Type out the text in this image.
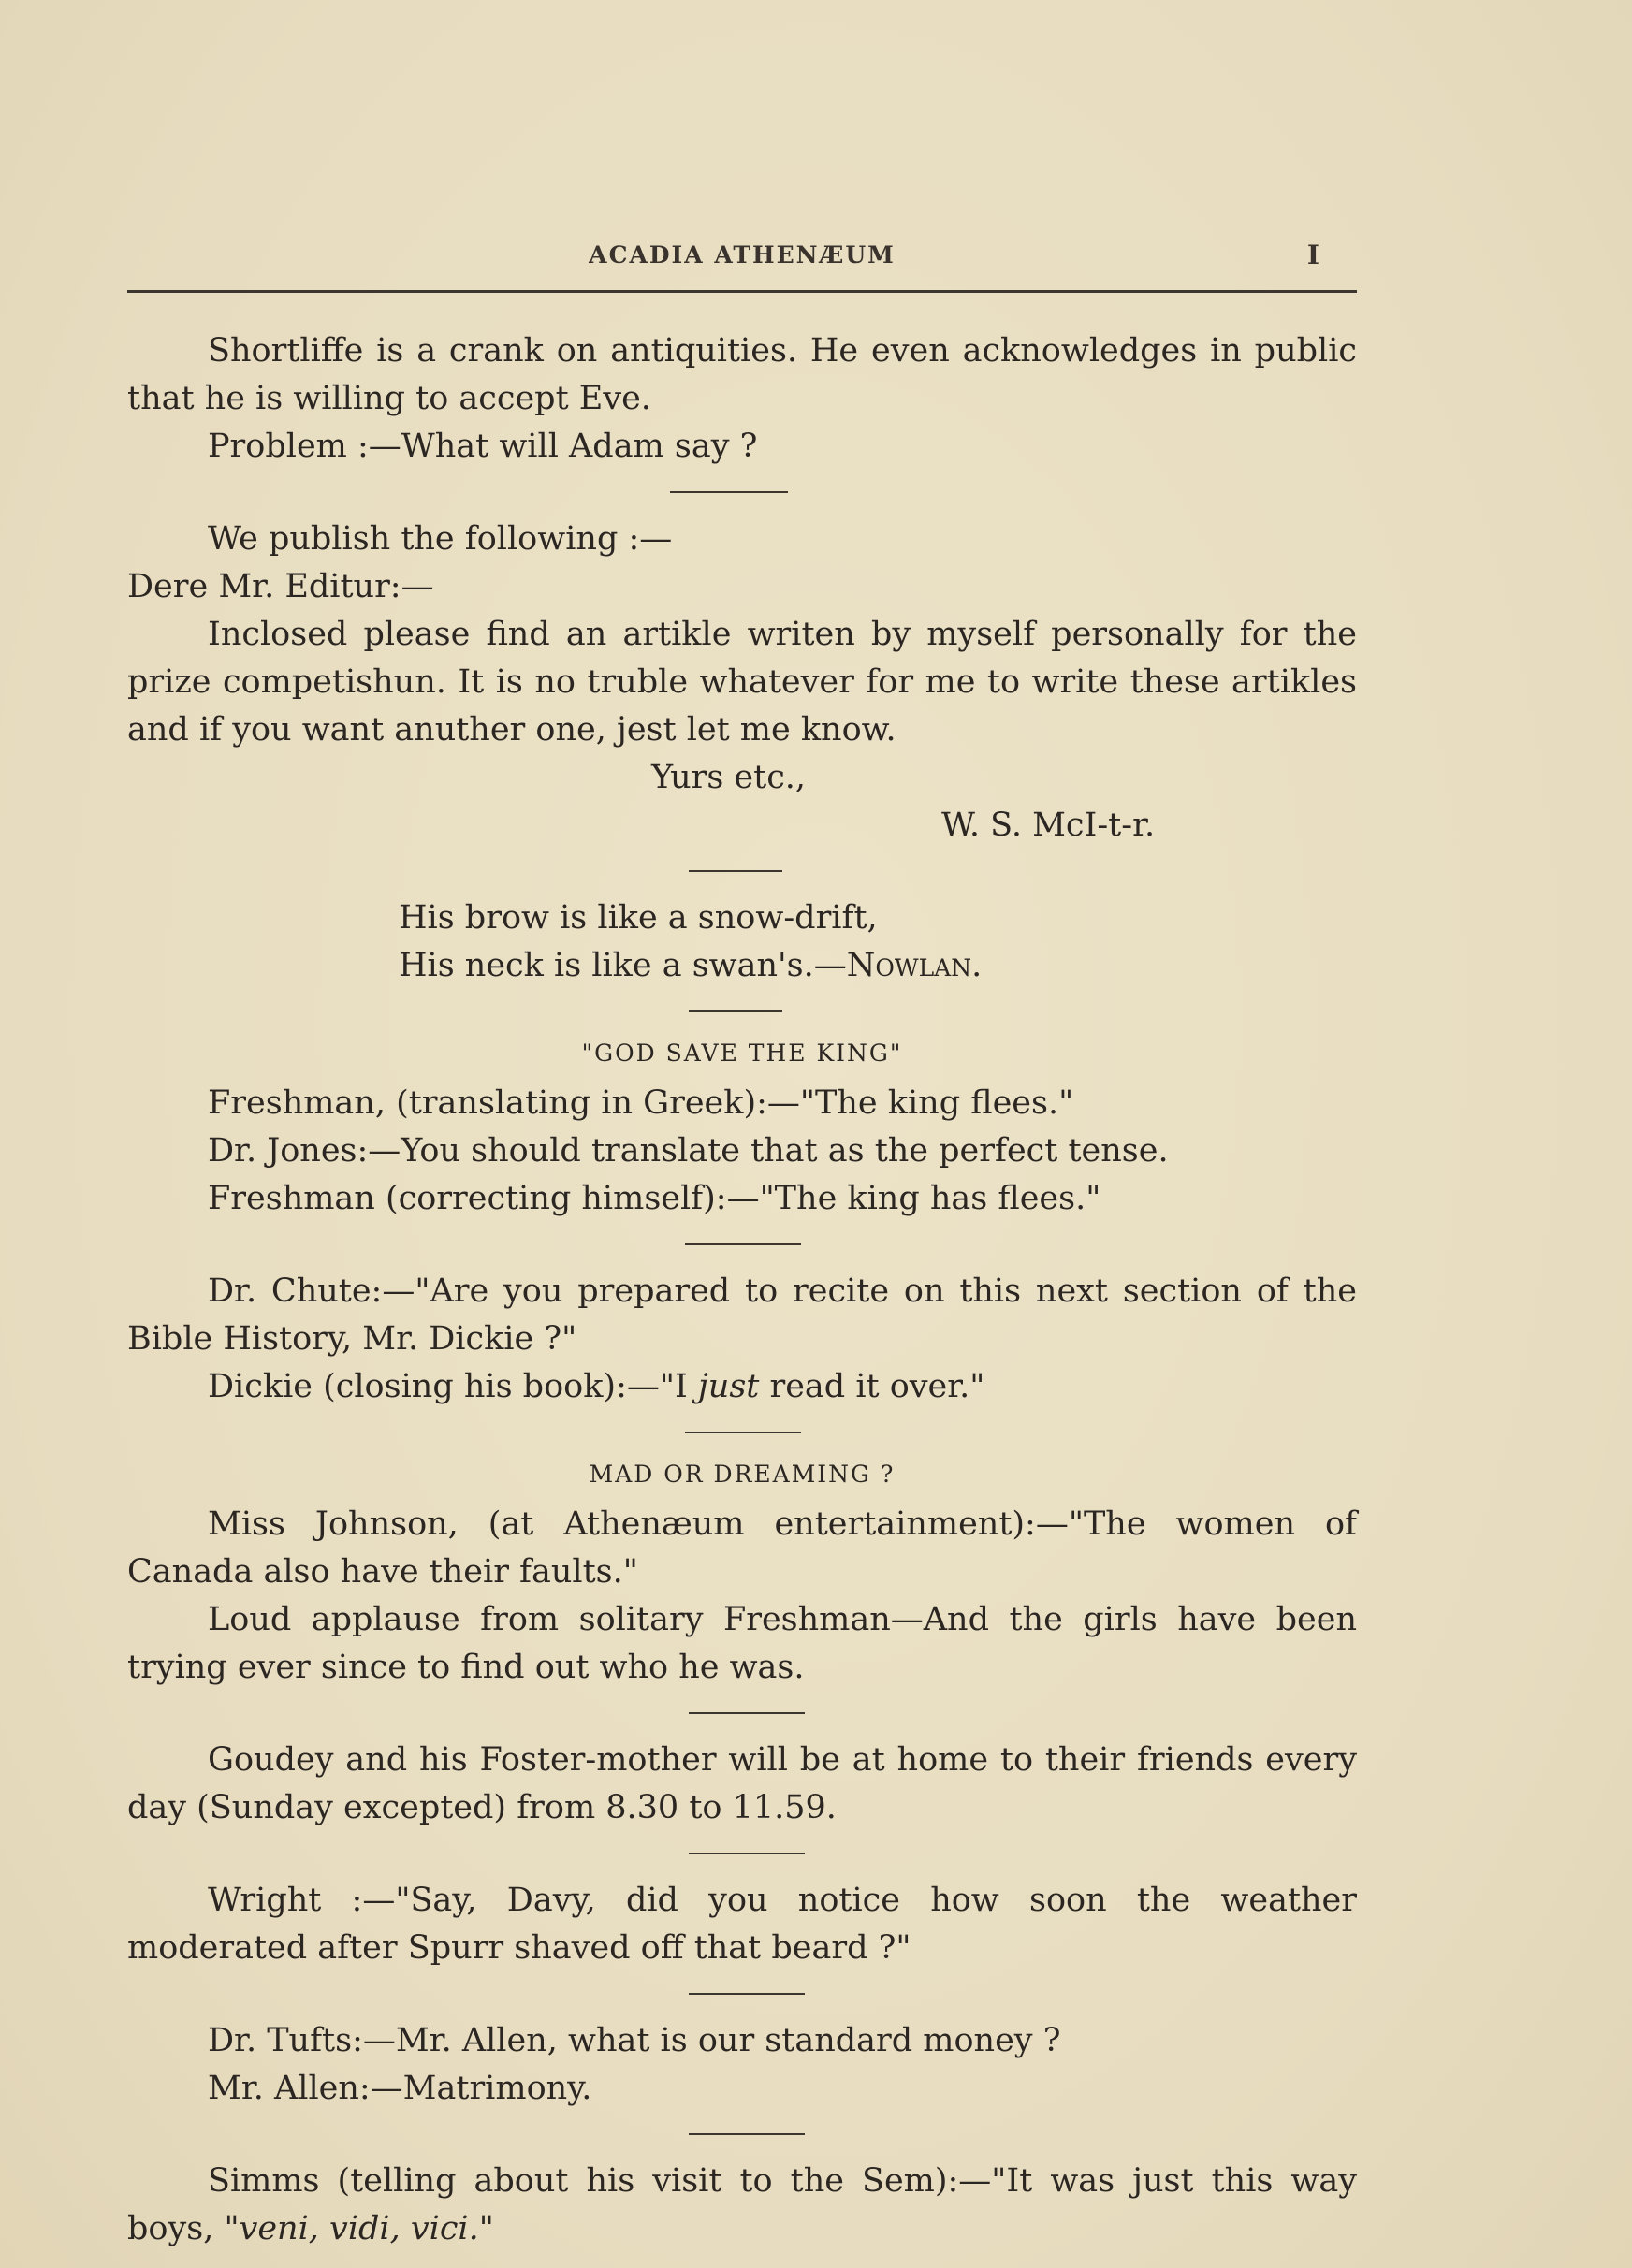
ACADIA ATHENÆUM	I

Shortliffe is a crank on antiquities. He even acknowledges in public that he is willing to accept Eve.

Problem :—What will Adam say ?

We publish the following :—

Dere Mr. Editur:—

Inclosed please find an artikle writen by myself personally for the prize competishun. It is no truble whatever for me to write these artikles and if you want anuther one, jest let me know.

Yurs etc.,

W. S. McI-t-r.

His brow is like a snow-drift,

His neck is like a swan's.—Nowlan.

"GOD SAVE THE KING"

Freshman, (translating in Greek):—"The king flees."

Dr. Jones:—You should translate that as the perfect tense.

Freshman (correcting himself):—"The king has flees."

Dr. Chute:—"Are you prepared to recite on this next section of the Bible History, Mr. Dickie ?"

Dickie (closing his book):—"I just read it over."

MAD OR DREAMING ?

Miss Johnson, (at Athenæum entertainment):—"The women of Canada also have their faults."

Loud applause from solitary Freshman—And the girls have been trying ever since to find out who he was.

Goudey and his Foster-mother will be at home to their friends every day (Sunday excepted) from 8.30 to 11.59.

Wright :—"Say, Davy, did you notice how soon the weather moderated after Spurr shaved off that beard ?"

Dr. Tufts:—Mr. Allen, what is our standard money ?

Mr. Allen:—Matrimony.

Simms (telling about his visit to the Sem):—"It was just this way boys, "veni, vidi, vici."
